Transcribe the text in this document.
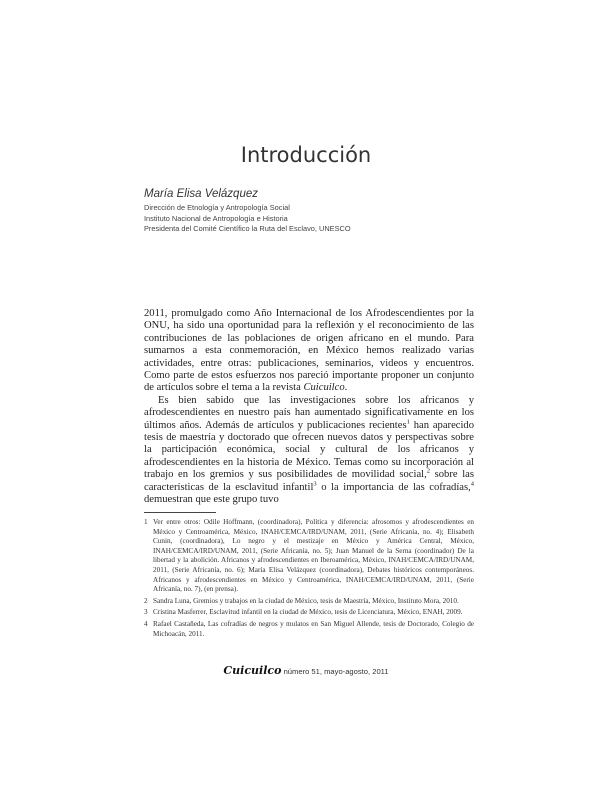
Introducción

María Elisa Velázquez

Dirección de Etnología y Antropología Social

Instituto Nacional de Antropología e Historia

Presidenta del Comité Científico la Ruta del Esclavo, UNESCO

2011, promulgado como Año Internacional de los Afrodescendientes por la ONU, ha sido una oportunidad para la reflexión y el reconocimiento de las contribuciones de las poblaciones de origen africano en el mundo. Para sumarnos a esta conmemoración, en México hemos realizado varias actividades, entre otras: publicaciones, seminarios, videos y encuentros. Como parte de estos esfuerzos nos pareció importante proponer un conjunto de artículos sobre el tema a la revista Cuicuilco.

Es bien sabido que las investigaciones sobre los africanos y afrodescendientes en nuestro país han aumentado significativamente en los últimos años. Además de artículos y publicaciones recientes$^1$ han aparecido tesis de maestría y doctorado que ofrecen nuevos datos y perspectivas sobre la participación económica, social y cultural de los africanos y afrodescendientes en la historia de México. Temas como su incorporación al trabajo en los gremios y sus posibilidades de movilidad social,$^2$ sobre las características de la esclavitud infantil$^3$ o la importancia de las cofradías,$^4$ demuestran que este grupo tuvo

1 Ver entre otros: Odile Hoffmann, (coordinadora), Política y diferencia: afrosomos y afrodescendientes en México y Centroamérica, México, INAH/CEMCA/IRD/UNAM, 2011, (Serie Africanía, no. 4); Elisabeth Cunin, (coordinadora), Lo negro y el mestizaje en México y América Central, México, INAH/CEMCA/IRD/UNAM, 2011, (Serie Africanía, no. 5); Juan Manuel de la Serna (coordinador) De la libertad y la abolición. Africanos y afrodescendientes en Iberoamérica, México, INAH/CEMCA/IRD/UNAM, 2011, (Serie Africanía, no. 6); María Elisa Velázquez (coordinadora), Debates históricos contemporáneos. Africanos y afrodescendientes en México y Centroamérica, INAH/CEMCA/IRD/UNAM, 2011, (Serie Africanía, no. 7), (en prensa).
2 Sandra Luna, Gremios y trabajos en la ciudad de México, tesis de Maestría, México, Instituto Mora, 2010.
3 Cristina Masferrer, Esclavitud infantil en la ciudad de México, tesis de Licenciatura, México, ENAH, 2009.
4 Rafael Castañeda, Las cofradías de negros y mulatos en San Miguel Allende, tesis de Doctorado, Colegio de Michoacán, 2011.
Cuicuilco número 51, mayo-agosto, 2011
